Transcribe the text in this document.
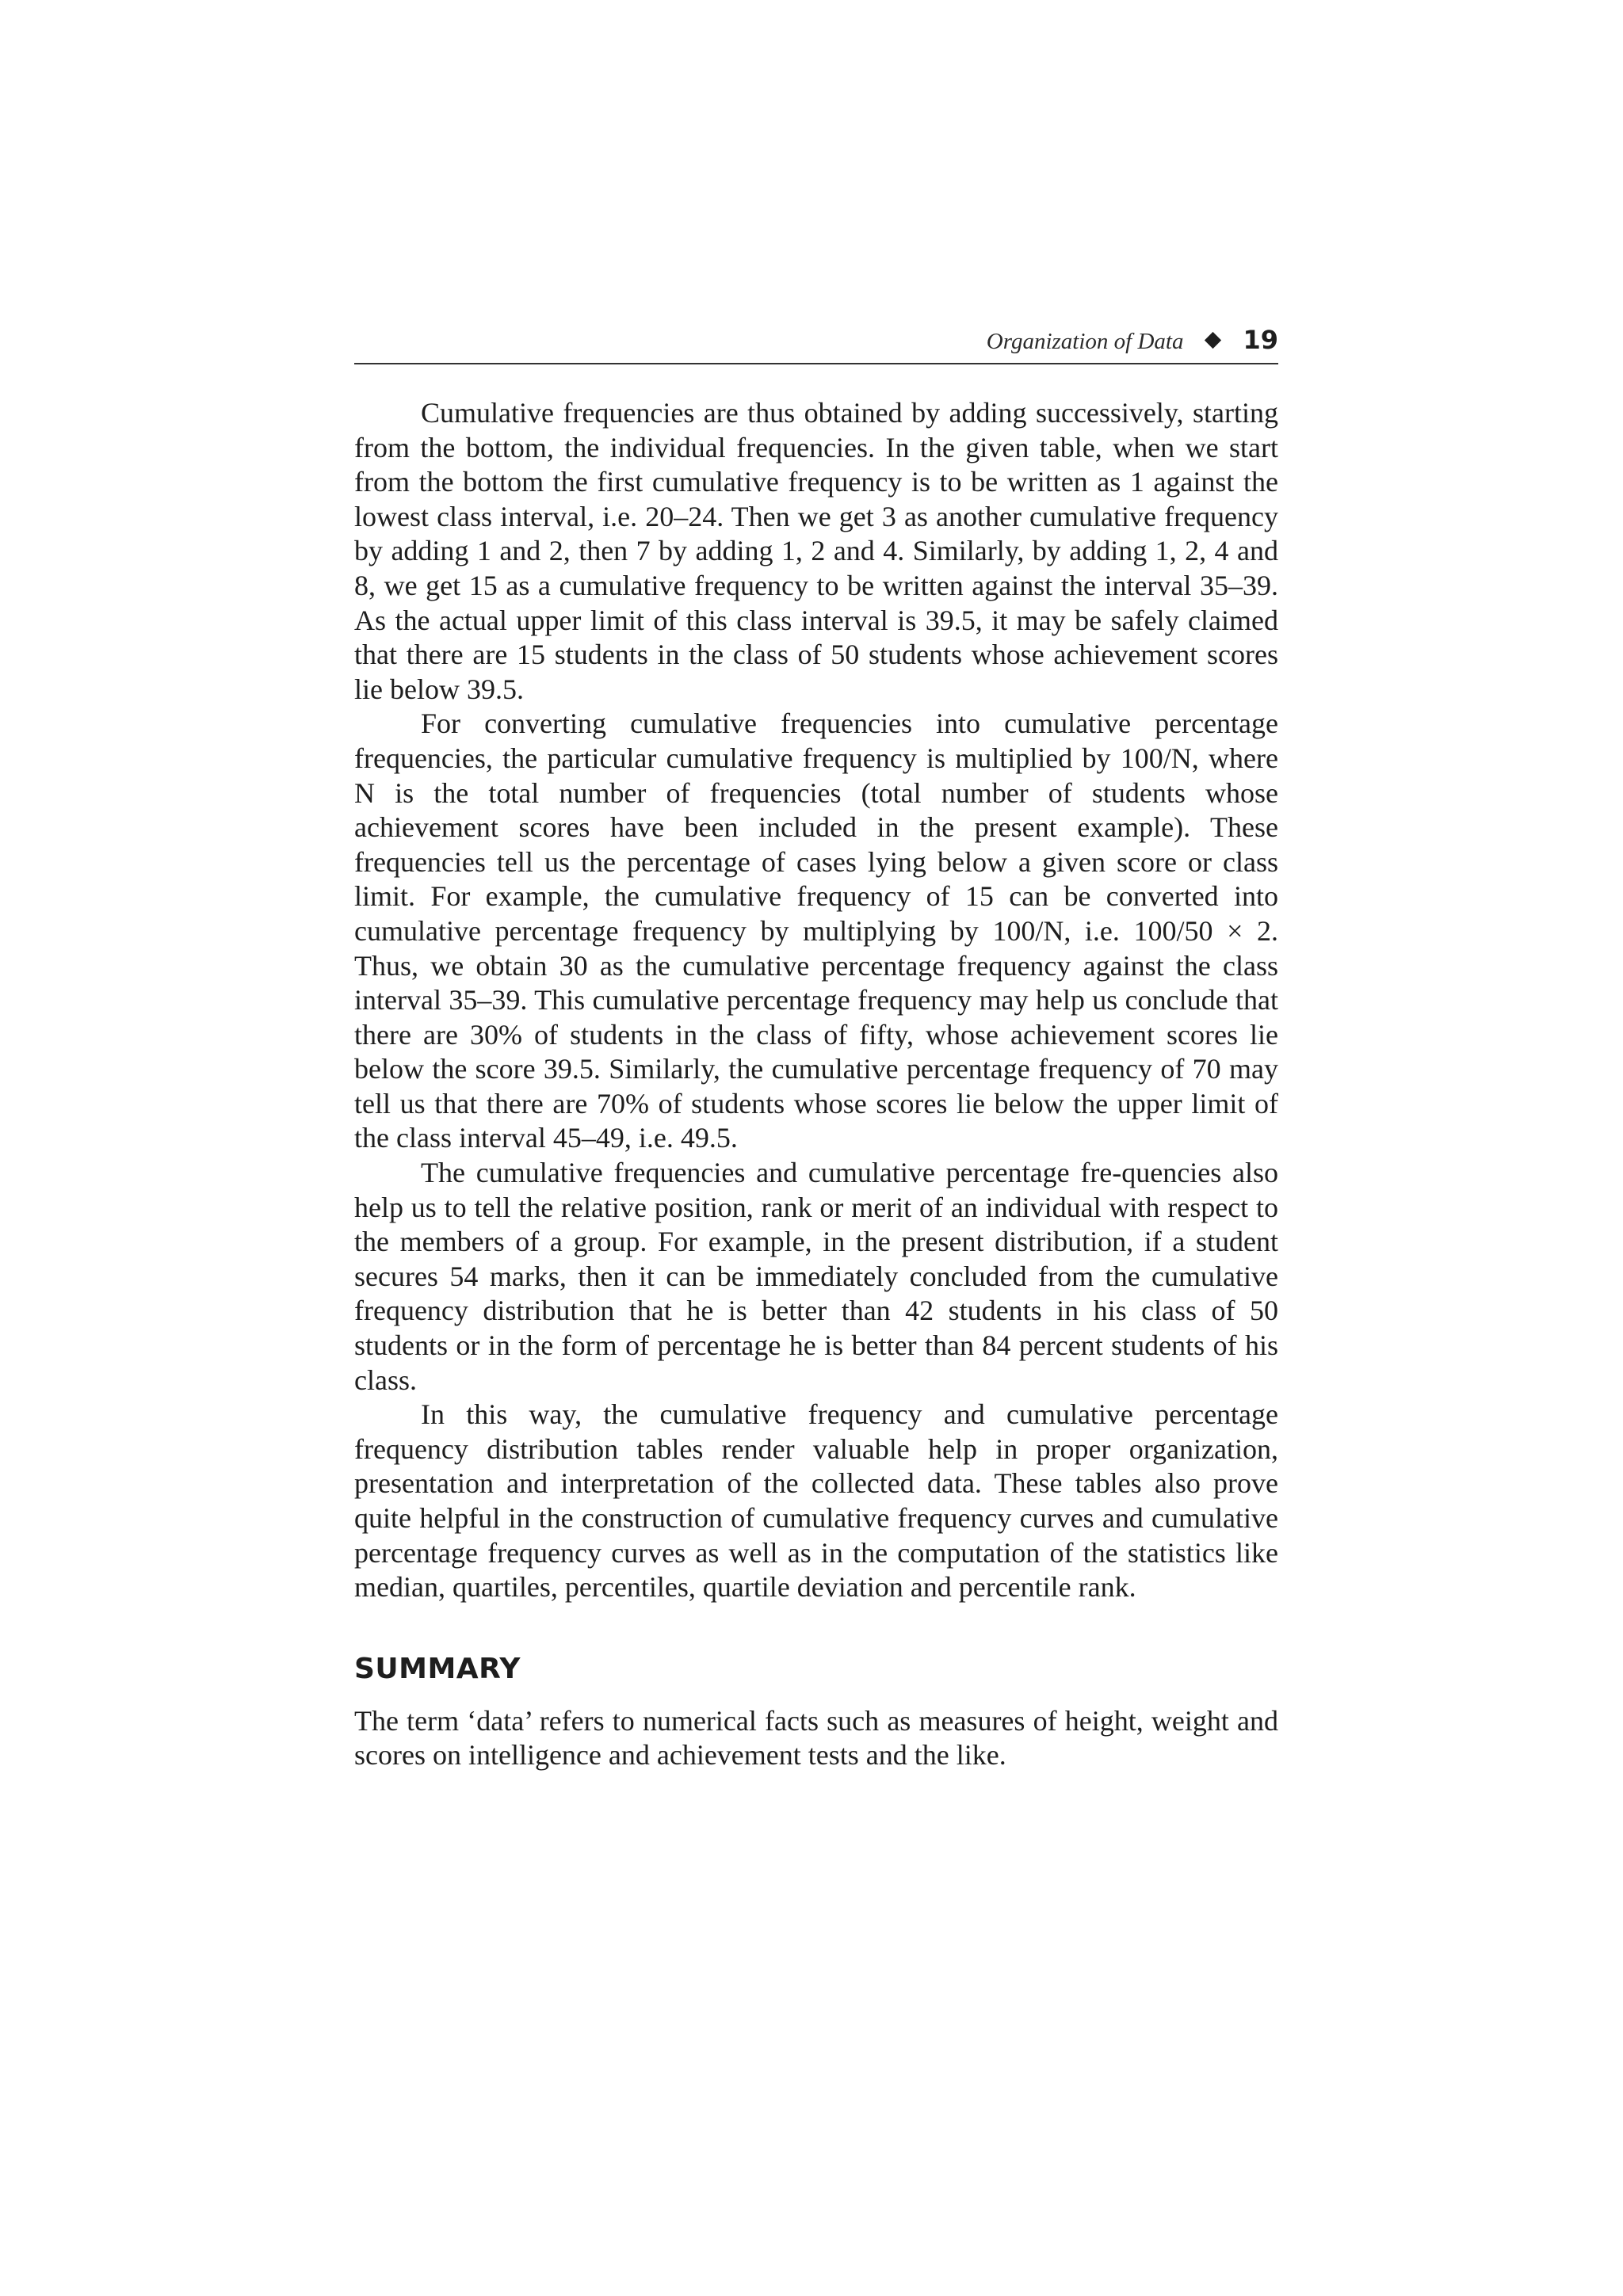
Organization of Data 19

Cumulative frequencies are thus obtained by adding successively, starting from the bottom, the individual frequencies. In the given table, when we start from the bottom the first cumulative frequency is to be written as 1 against the lowest class interval, i.e. 20–24. Then we get 3 as another cumulative frequency by adding 1 and 2, then 7 by adding 1, 2 and 4. Similarly, by adding 1, 2, 4 and 8, we get 15 as a cumulative frequency to be written against the interval 35–39. As the actual upper limit of this class interval is 39.5, it may be safely claimed that there are 15 students in the class of 50 students whose achievement scores lie below 39.5.

For converting cumulative frequencies into cumulative percentage frequencies, the particular cumulative frequency is multiplied by 100/N, where N is the total number of frequencies (total number of students whose achievement scores have been included in the present example). These frequencies tell us the percentage of cases lying below a given score or class limit. For example, the cumulative frequency of 15 can be converted into cumulative percentage frequency by multiplying by 100/N, i.e. 100/50 × 2. Thus, we obtain 30 as the cumulative percentage frequency against the class interval 35–39. This cumulative percentage frequency may help us conclude that there are 30% of students in the class of fifty, whose achievement scores lie below the score 39.5. Similarly, the cumulative percentage frequency of 70 may tell us that there are 70% of students whose scores lie below the upper limit of the class interval 45–49, i.e. 49.5.

The cumulative frequencies and cumulative percentage fre-quencies also help us to tell the relative position, rank or merit of an individual with respect to the members of a group. For example, in the present distribution, if a student secures 54 marks, then it can be immediately concluded from the cumulative frequency distribution that he is better than 42 students in his class of 50 students or in the form of percentage he is better than 84 percent students of his class.

In this way, the cumulative frequency and cumulative percentage frequency distribution tables render valuable help in proper organization, presentation and interpretation of the collected data. These tables also prove quite helpful in the construction of cumulative frequency curves and cumulative percentage frequency curves as well as in the computation of the statistics like median, quartiles, percentiles, quartile deviation and percentile rank.

SUMMARY

The term ‘data’ refers to numerical facts such as measures of height, weight and scores on intelligence and achievement tests and the like.
